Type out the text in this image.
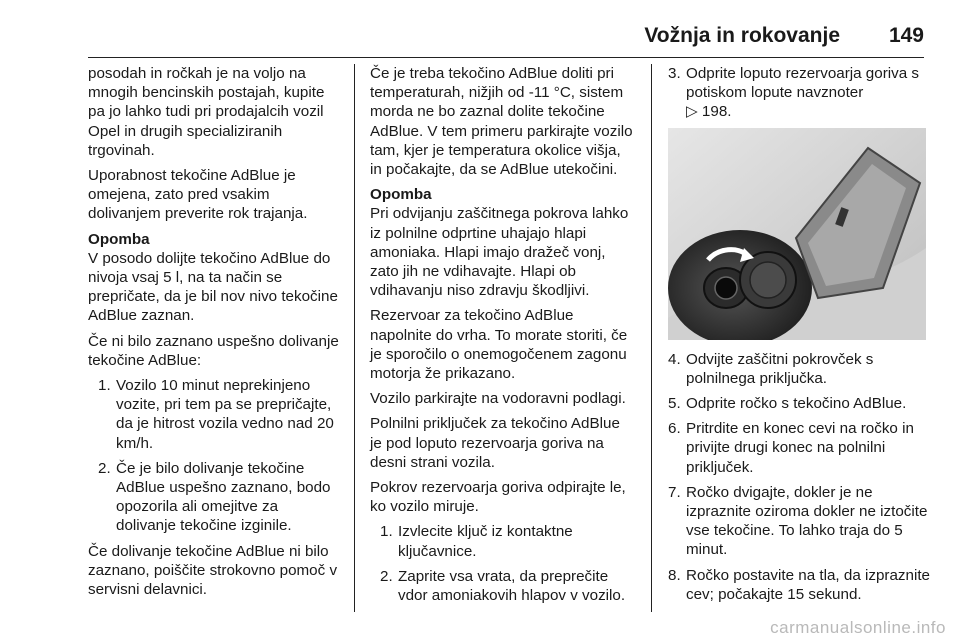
Vožnja in rokovanje 149

posodah in ročkah je na voljo na mnogih bencinskih postajah, kupite pa jo lahko tudi pri prodajalcih vozil Opel in drugih specializiranih trgovinah.

Uporabnost tekočine AdBlue je omejena, zato pred vsakim dolivanjem preverite rok trajanja.

Opomba

V posodo dolijte tekočino AdBlue do nivoja vsaj 5 l, na ta način se prepričate, da je bil nov nivo tekočine AdBlue zaznan.

Če ni bilo zaznano uspešno dolivanje tekočine AdBlue:

1. Vozilo 10 minut neprekinjeno vozite, pri tem pa se prepričajte, da je hitrost vozila vedno nad 20 km/h.
2. Če je bilo dolivanje tekočine AdBlue uspešno zaznano, bodo opozorila ali omejitve za dolivanje tekočine izginile.

Če dolivanje tekočine AdBlue ni bilo zaznano, poiščite strokovno pomoč v servisni delavnici.

Če je treba tekočino AdBlue doliti pri temperaturah, nižjih od -11 °C, sistem morda ne bo zaznal dolite tekočine AdBlue. V tem primeru parkirajte vozilo tam, kjer je temperatura okolice višja, in počakajte, da se AdBlue utekočini.

Opomba

Pri odvijanju zaščitnega pokrova lahko iz polnilne odprtine uhajajo hlapi amoniaka. Hlapi imajo dražeč vonj, zato jih ne vdihavajte. Hlapi ob vdihavanju niso zdravju škodljivi.

Rezervoar za tekočino AdBlue napolnite do vrha. To morate storiti, če je sporočilo o onemogočenem zagonu motorja že prikazano.

Vozilo parkirajte na vodoravni podlagi.

Polnilni priključek za tekočino AdBlue je pod loputo rezervoarja goriva na desni strani vozila.

Pokrov rezervoarja goriva odpirajte le, ko vozilo miruje.

1. Izvlecite ključ iz kontaktne ključavnice.
2. Zaprite vsa vrata, da preprečite vdor amoniakovih hlapov v vozilo.
3. Odprite loputo rezervoarja goriva s potiskom lopute navznoter
▷ 198.
4. Odvijte zaščitni pokrovček s polnilnega priključka.
5. Odprite ročko s tekočino AdBlue.
6. Pritrdite en konec cevi na ročko in privijte drugi konec na polnilni priključek.
7. Ročko dvigajte, dokler je ne izpraznite oziroma dokler ne iztočite vse tekočine. To lahko traja do 5 minut.
8. Ročko postavite na tla, da izpraznite cev; počakajte 15 sekund.
carmanualsonline.info
